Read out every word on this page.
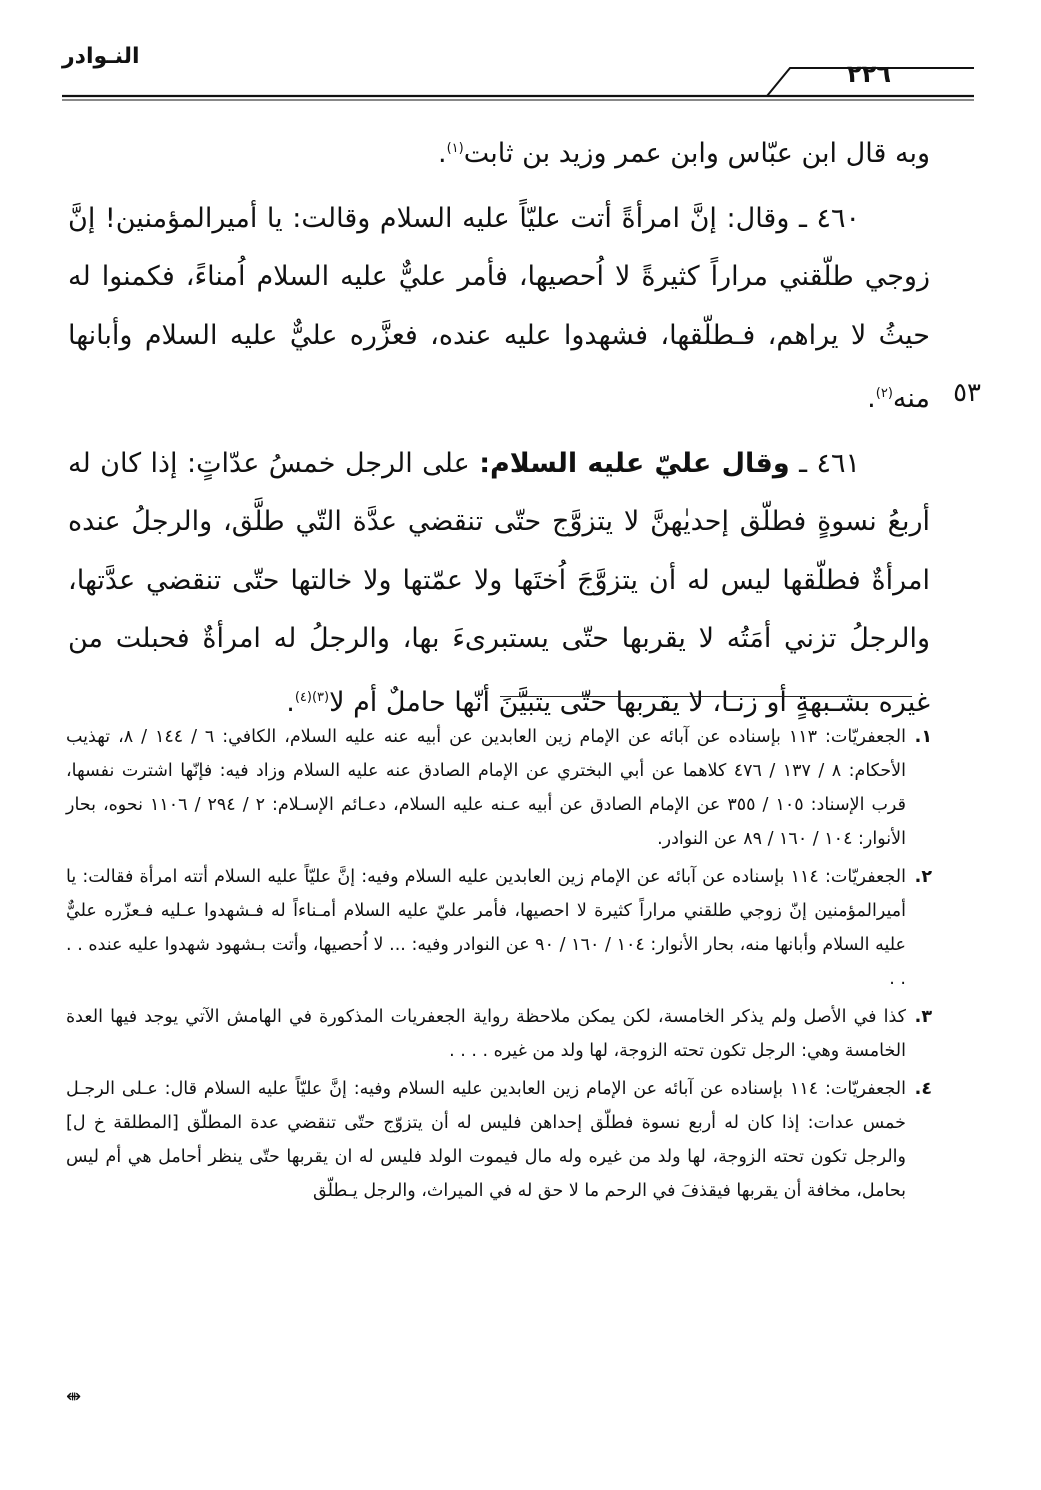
النـوادر
٢٢٦
٥٣

وبه قال ابن عبّاس وابن عمر وزيد بن ثابت$^{(١)}$.

٤٦٠ ـ وقال: إنَّ امرأةً أتت عليّاً عليه السلام وقالت: يا أميرالمؤمنين! إنَّ زوجي طلّقني مراراً كثيرةً لا اُحصيها، فأمر عليٌّ عليه السلام اُمناءً، فكمنوا له حيثُ لا يراهم، فـطلّقها، فشهدوا عليه عنده، فعزَّره عليٌّ عليه السلام وأبانها منه$^{(٢)}$.

٤٦١ ـ وقال عليّ عليه السلام: على الرجل خمسُ عدّاتٍ: إذا كان له أربعُ نسوةٍ فطلّق إحديٰهنَّ لا يتزوَّج حتّى تنقضي عدَّة التّي طلَّق، والرجلُ عنده امرأةٌ فطلّقها ليس له أن يتزوَّجَ اُختَها ولا عمّتها ولا خالتها حتّى تنقضي عدَّتها، والرجلُ تزني أمَتُه لا يقربها حتّى يستبرىءَ بها، والرجلُ له امرأةٌ فحبلت من غيره بشـبهةٍ أو زنـا، لا يقربها حتّى يتبيَّنَ أنّها حاملٌ أم لا$^{(٣)(٤)}$.

١.
الجعفريّات: ١١٣ بإسناده عن آبائه عن الإمام زين العابدين عن أبيه عنه عليه السلام، الكافي: ٦ / ١٤٤ / ٨، تهذيب الأحكام: ٨ / ١٣٧ / ٤٧٦ كلاهما عن أبي البختري عن الإمام الصادق عنه عليه السلام وزاد فيه: فإنّها اشترت نفسها، قرب الإسناد: ١٠٥ / ٣٥٥ عن الإمام الصادق عن أبيه عـنه عليه السلام، دعـائم الإسـلام: ٢ / ٢٩٤ / ١١٠٦ نحوه، بحار الأنوار: ١٠٤ / ١٦٠ / ٨٩ عن النوادر.
٢.
الجعفريّات: ١١٤ بإسناده عن آبائه عن الإمام زين العابدين عليه السلام وفيه: إنَّ عليّاً عليه السلام أتته امرأة فقالت: يا أميرالمؤمنين إنّ زوجي طلقني مراراً كثيرة لا احصيها، فأمر عليّ عليه السلام أمـناءاً له فـشهدوا عـليه فـعزّره عليٌّ عليه السلام وأبانها منه، بحار الأنوار: ١٠٤ / ١٦٠ / ٩٠ عن النوادر وفيه: ... لا اُحصيها، وأتت بـشهود شهدوا عليه عنده . . . .
٣.
كذا في الأصل ولم يذكر الخامسة، لكن يمكن ملاحظة رواية الجعفريات المذكورة في الهامش الآتي يوجد فيها العدة الخامسة وهي: الرجل تكون تحته الزوجة، لها ولد من غيره . . . .
٤.
الجعفريّات: ١١٤ بإسناده عن آبائه عن الإمام زين العابدين عليه السلام وفيه: إنَّ عليّاً عليه السلام قال: عـلى الرجـل خمس عدات: إذا كان له أربع نسوة فطلّق إحداهن فليس له أن يتزوّج حتّى تنقضي عدة المطلّق [المطلقة خ ل] والرجل تكون تحته الزوجة، لها ولد من غيره وله مال فيموت الولد فليس له ان يقربها حتّى ينظر أحامل هي أم ليس بحامل، مخافة أن يقربها فيقذفَ في الرحم ما لا حق له في الميراث، والرجل يـطلّق
⇼
